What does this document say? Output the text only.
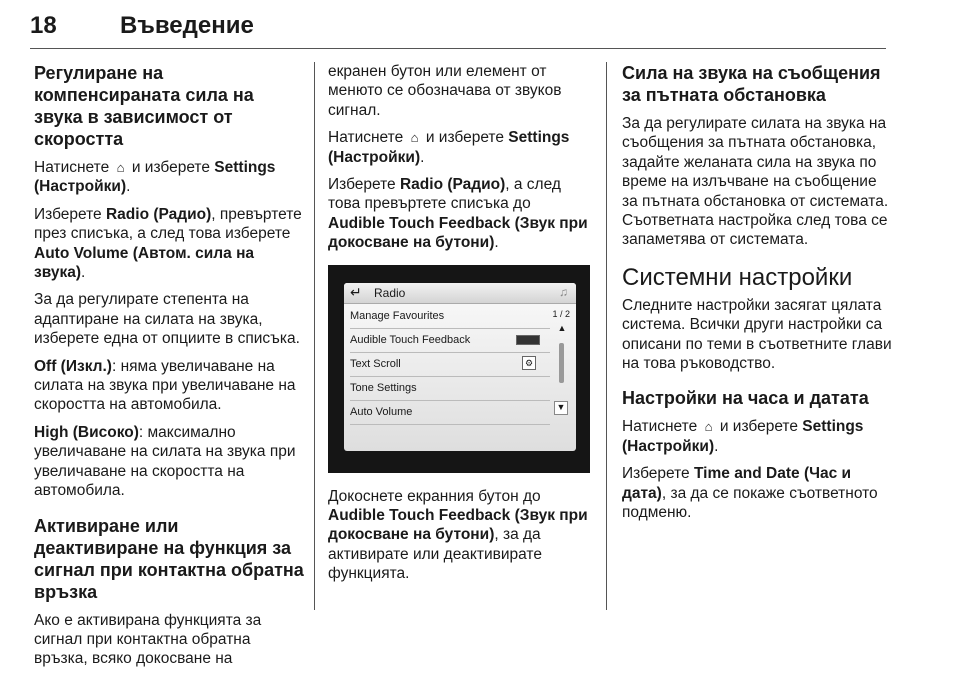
18	Въведение
Регулиране на компенсираната сила на звука в зависимост от скоростта

Натиснете ⌂ и изберете Settings (Настройки).

Изберете Radio (Радио), превъртете през списъка, а след това изберете Auto Volume (Автом. сила на звука).

За да регулирате степента на адаптиране на силата на звука, изберете една от опциите в списъка.

Off (Изкл.): няма увеличаване на силата на звука при увеличаване на скоростта на автомобила.

High (Високо): максимално увеличаване на силата на звука при увеличаване на скоростта на автомобила.

Активиране или деактивиране на функция за сигнал при контактна обратна връзка

Ако е активирана функцията за сигнал при контактна обратна връзка, всяко докосване на

екранен бутон или елемент от менюто се обозначава от звуков сигнал.

Натиснете ⌂ и изберете Settings (Настройки).

Изберете Radio (Радио), а след това превъртете списъка до Audible Touch Feedback (Звук при докосване на бутони).

↵ Radio	♫
Manage Favourites
Audible Touch Feedback
Text Scroll	⚙
Tone Settings
Auto Volume
1 / 2
▲
▼

Докоснете екранния бутон до Audible Touch Feedback (Звук при докосване на бутони), за да активирате или деактивирате функцията.

Сила на звука на съобщения за пътната обстановка

За да регулирате силата на звука на съобщения за пътната обстановка, задайте желаната сила на звука по време на излъчване на съобщение за пътната обстановка от системата. Съответната настройка след това се запаметява от системата.

Системни настройки

Следните настройки засягат цялата система. Всички други настройки са описани по теми в съответните глави на това ръководство.

Настройки на часа и датата

Натиснете ⌂ и изберете Settings (Настройки).

Изберете Time and Date (Час и дата), за да се покаже съответното подменю.
